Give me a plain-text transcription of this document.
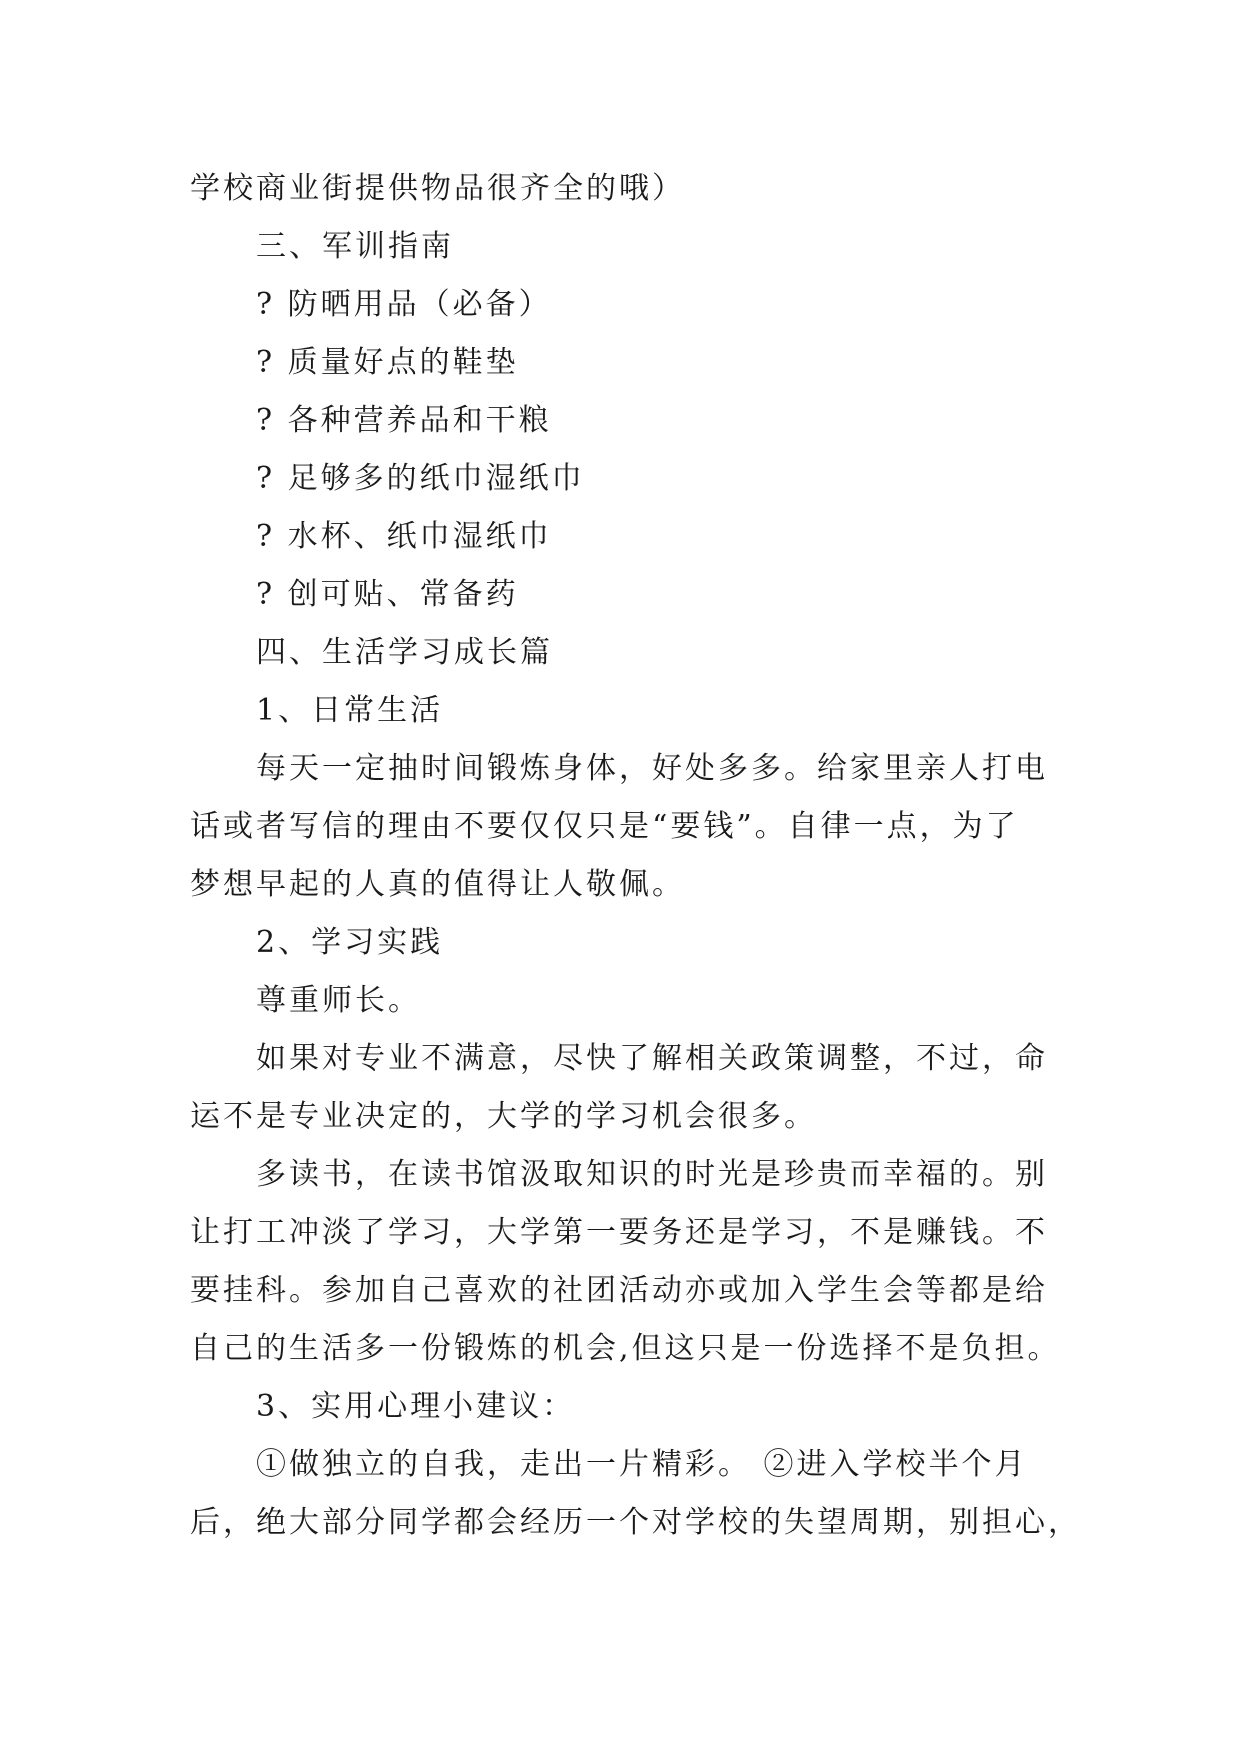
学校商业街提供物品很齐全的哦）
三、军训指南
? 防晒用品（必备）
? 质量好点的鞋垫
? 各种营养品和干粮
? 足够多的纸巾湿纸巾
? 水杯、纸巾湿纸巾
? 创可贴、常备药
四、生活学习成长篇
1、日常生活
每天一定抽时间锻炼身体，好处多多。给家里亲人打电
话或者写信的理由不要仅仅只是“要钱”。自律一点，为了
梦想早起的人真的值得让人敬佩。
2、学习实践
尊重师长。
如果对专业不满意，尽快了解相关政策调整，不过，命
运不是专业决定的，大学的学习机会很多。
多读书，在读书馆汲取知识的时光是珍贵而幸福的。别
让打工冲淡了学习，大学第一要务还是学习，不是赚钱。不
要挂科。参加自己喜欢的社团活动亦或加入学生会等都是给
自己的生活多一份锻炼的机会,但这只是一份选择不是负担。
3、实用心理小建议：
①做独立的自我，走出一片精彩。 ②进入学校半个月
后，绝大部分同学都会经历一个对学校的失望周期，别担心，
